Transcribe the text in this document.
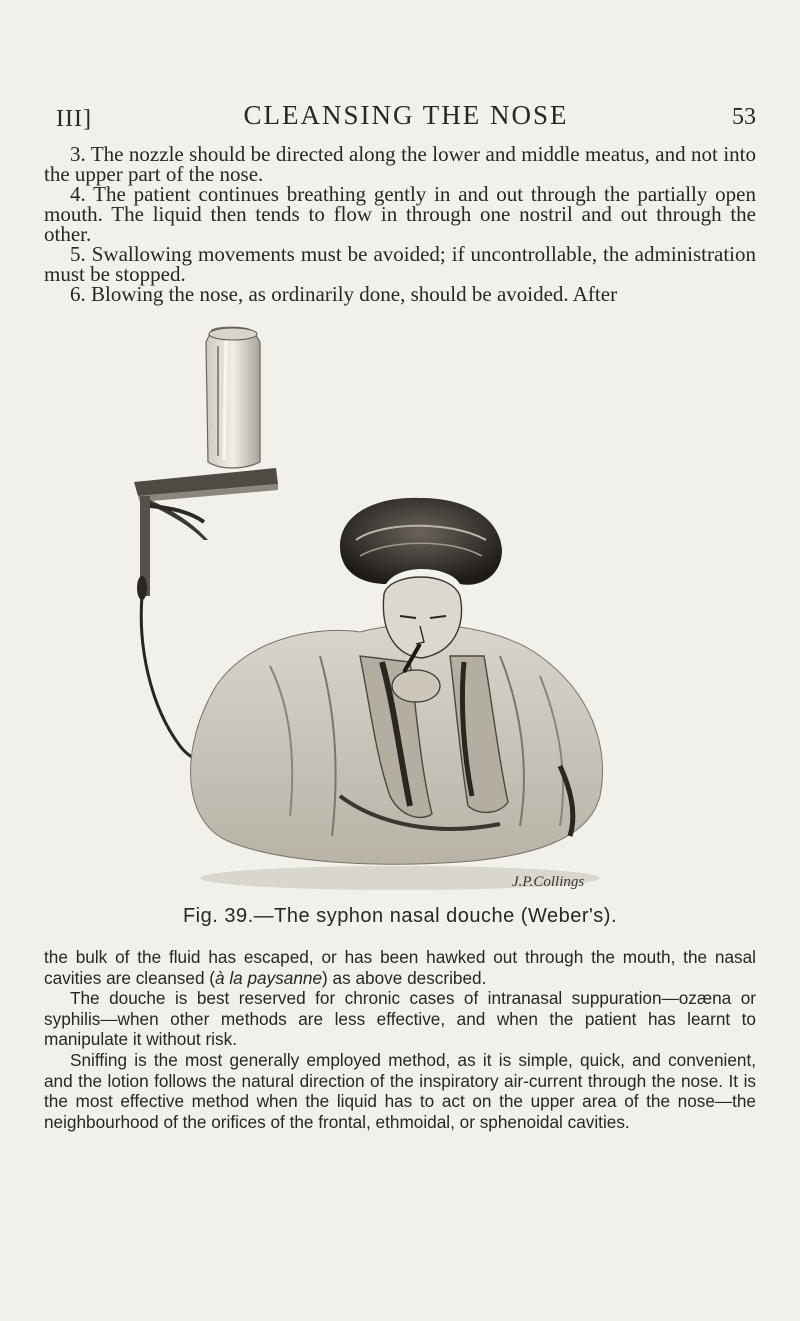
III]	CLEANSING THE NOSE	53

3. The nozzle should be directed along the lower and middle meatus, and not into the upper part of the nose.

4. The patient continues breathing gently in and out through the partially open mouth. The liquid then tends to flow in through one nostril and out through the other.

5. Swallowing movements must be avoided; if uncontrollable, the administration must be stopped.

6. Blowing the nose, as ordinarily done, should be avoided. After

J.P.Collings
Fig. 39.—The syphon nasal douche (Weber's).

the bulk of the fluid has escaped, or has been hawked out through the mouth, the nasal cavities are cleansed (à la paysanne) as above described.

The douche is best reserved for chronic cases of intranasal suppuration—ozæna or syphilis—when other methods are less effective, and when the patient has learnt to manipulate it without risk.

Sniffing is the most generally employed method, as it is simple, quick, and convenient, and the lotion follows the natural direction of the inspiratory air-current through the nose. It is the most effective method when the liquid has to act on the upper area of the nose—the neighbourhood of the orifices of the frontal, ethmoidal, or sphenoidal cavities.
